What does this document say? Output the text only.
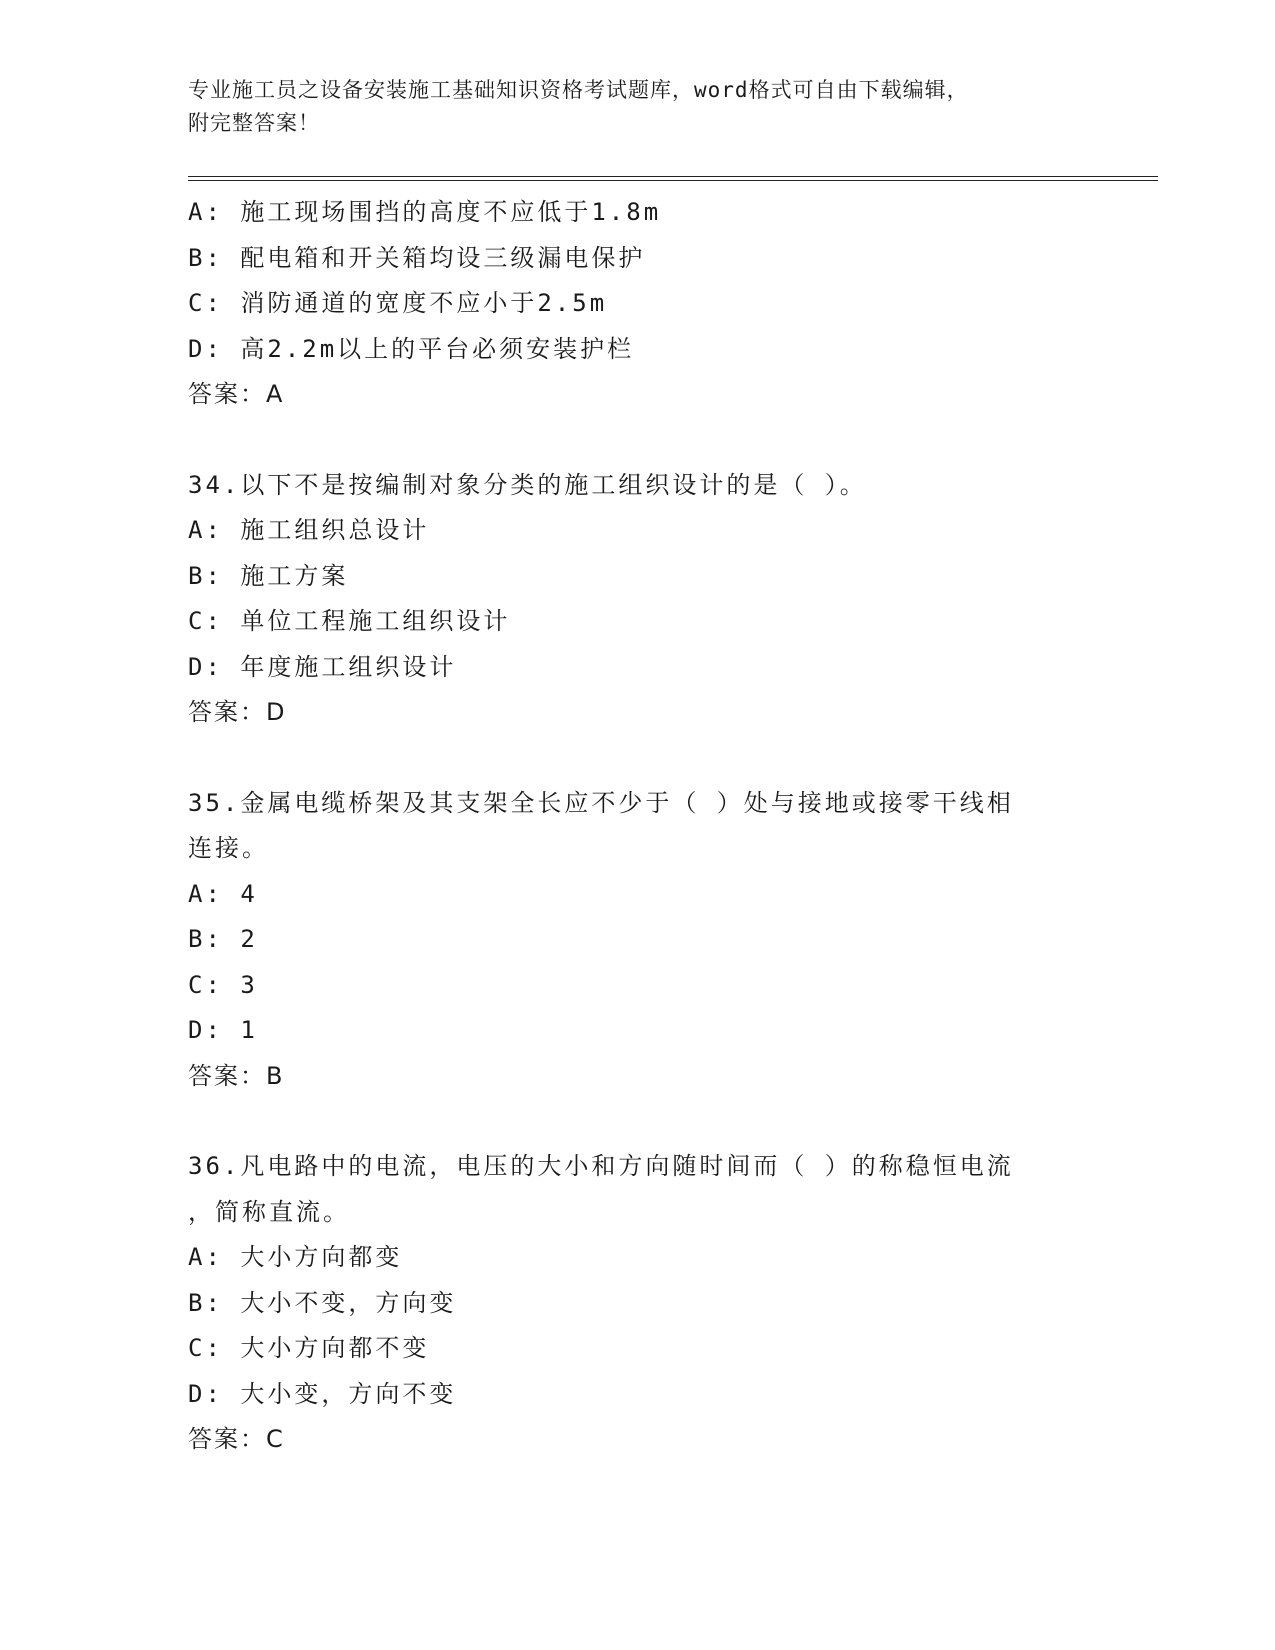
专业施工员之设备安装施工基础知识资格考试题库，word格式可自由下载编辑，
附完整答案！
A: 施工现场围挡的高度不应低于1.8m
B: 配电箱和开关箱均设三级漏电保护
C: 消防通道的宽度不应小于2.5m
D: 高2.2m以上的平台必须安装护栏
答案：A
34.以下不是按编制对象分类的施工组织设计的是（ ）。
A: 施工组织总设计
B: 施工方案
C: 单位工程施工组织设计
D: 年度施工组织设计
答案：D
35.金属电缆桥架及其支架全长应不少于（ ）处与接地或接零干线相
连接。
A: 4
B: 2
C: 3
D: 1
答案：B
36.凡电路中的电流，电压的大小和方向随时间而（ ）的称稳恒电流
，简称直流。
A: 大小方向都变
B: 大小不变，方向变
C: 大小方向都不变
D: 大小变，方向不变
答案：C
